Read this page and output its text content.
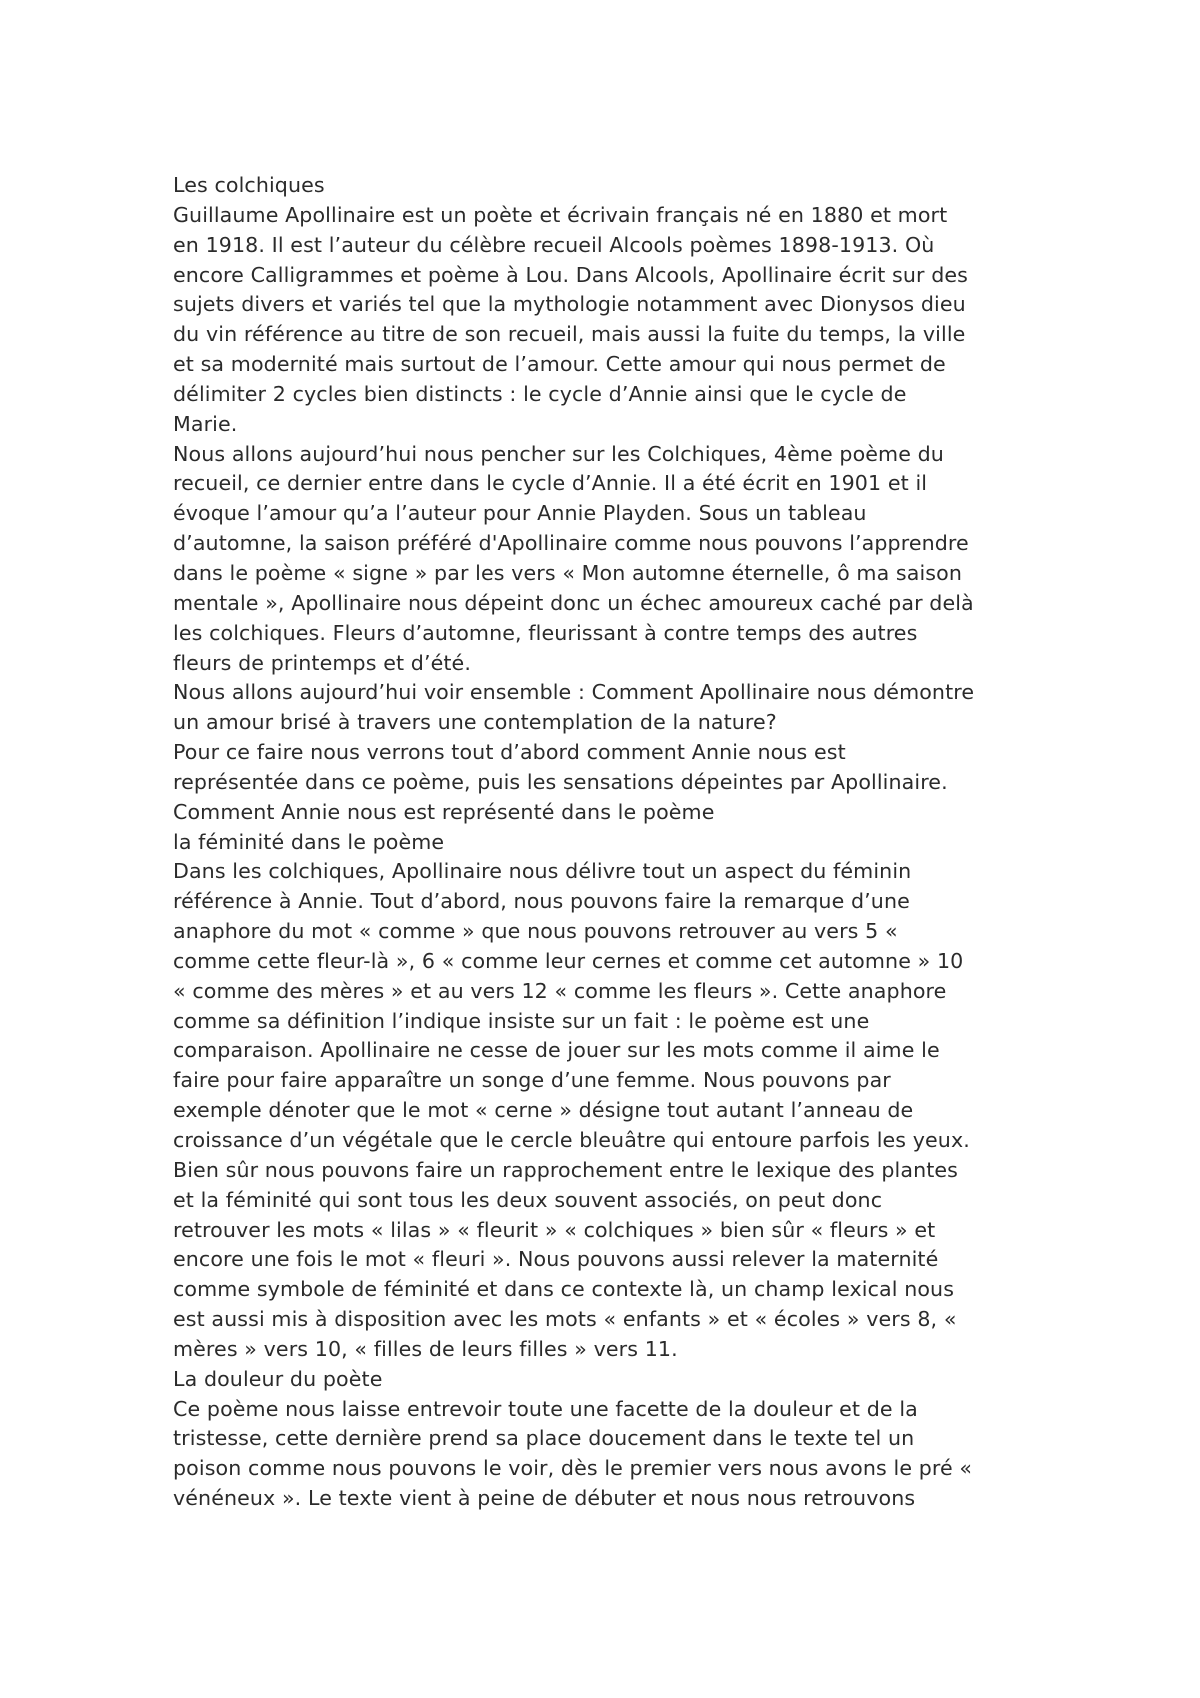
Les colchiques
Guillaume Apollinaire est un poète et écrivain français né en 1880 et mort
en 1918. Il est l’auteur du célèbre recueil Alcools poèmes 1898-1913. Où
encore Calligrammes et poème à Lou. Dans Alcools, Apollinaire écrit sur des
sujets divers et variés tel que la mythologie notamment avec Dionysos dieu
du vin référence au titre de son recueil, mais aussi la fuite du temps, la ville
et sa modernité mais surtout de l’amour. Cette amour qui nous permet de
délimiter 2 cycles bien distincts : le cycle d’Annie ainsi que le cycle de
Marie.
Nous allons aujourd’hui nous pencher sur les Colchiques, 4ème poème du
recueil, ce dernier entre dans le cycle d’Annie. Il a été écrit en 1901 et il
évoque l’amour qu’a l’auteur pour Annie Playden. Sous un tableau
d’automne, la saison préféré d'Apollinaire comme nous pouvons l’apprendre
dans le poème « signe » par les vers « Mon automne éternelle, ô ma saison
mentale », Apollinaire nous dépeint donc un échec amoureux caché par delà
les colchiques. Fleurs d’automne, fleurissant à contre temps des autres
fleurs de printemps et d’été.
Nous allons aujourd’hui voir ensemble : Comment Apollinaire nous démontre
un amour brisé à travers une contemplation de la nature?
Pour ce faire nous verrons tout d’abord comment Annie nous est
représentée dans ce poème, puis les sensations dépeintes par Apollinaire.
Comment Annie nous est représenté dans le poème
la féminité dans le poème
Dans les colchiques, Apollinaire nous délivre tout un aspect du féminin
référence à Annie. Tout d’abord, nous pouvons faire la remarque d’une
anaphore du mot « comme » que nous pouvons retrouver au vers 5 «
comme cette fleur-là », 6 « comme leur cernes et comme cet automne » 10
« comme des mères » et au vers 12 « comme les fleurs ». Cette anaphore
comme sa définition l’indique insiste sur un fait : le poème est une
comparaison. Apollinaire ne cesse de jouer sur les mots comme il aime le
faire pour faire apparaître un songe d’une femme. Nous pouvons par
exemple dénoter que le mot « cerne » désigne tout autant l’anneau de
croissance d’un végétale que le cercle bleuâtre qui entoure parfois les yeux.
Bien sûr nous pouvons faire un rapprochement entre le lexique des plantes
et la féminité qui sont tous les deux souvent associés, on peut donc
retrouver les mots « lilas » « fleurit » « colchiques » bien sûr « fleurs » et
encore une fois le mot « fleuri ». Nous pouvons aussi relever la maternité
comme symbole de féminité et dans ce contexte là, un champ lexical nous
est aussi mis à disposition avec les mots « enfants » et « écoles » vers 8, «
mères » vers 10, « filles de leurs filles » vers 11.
La douleur du poète
Ce poème nous laisse entrevoir toute une facette de la douleur et de la
tristesse, cette dernière prend sa place doucement dans le texte tel un
poison comme nous pouvons le voir, dès le premier vers nous avons le pré «
vénéneux ». Le texte vient à peine de débuter et nous nous retrouvons
